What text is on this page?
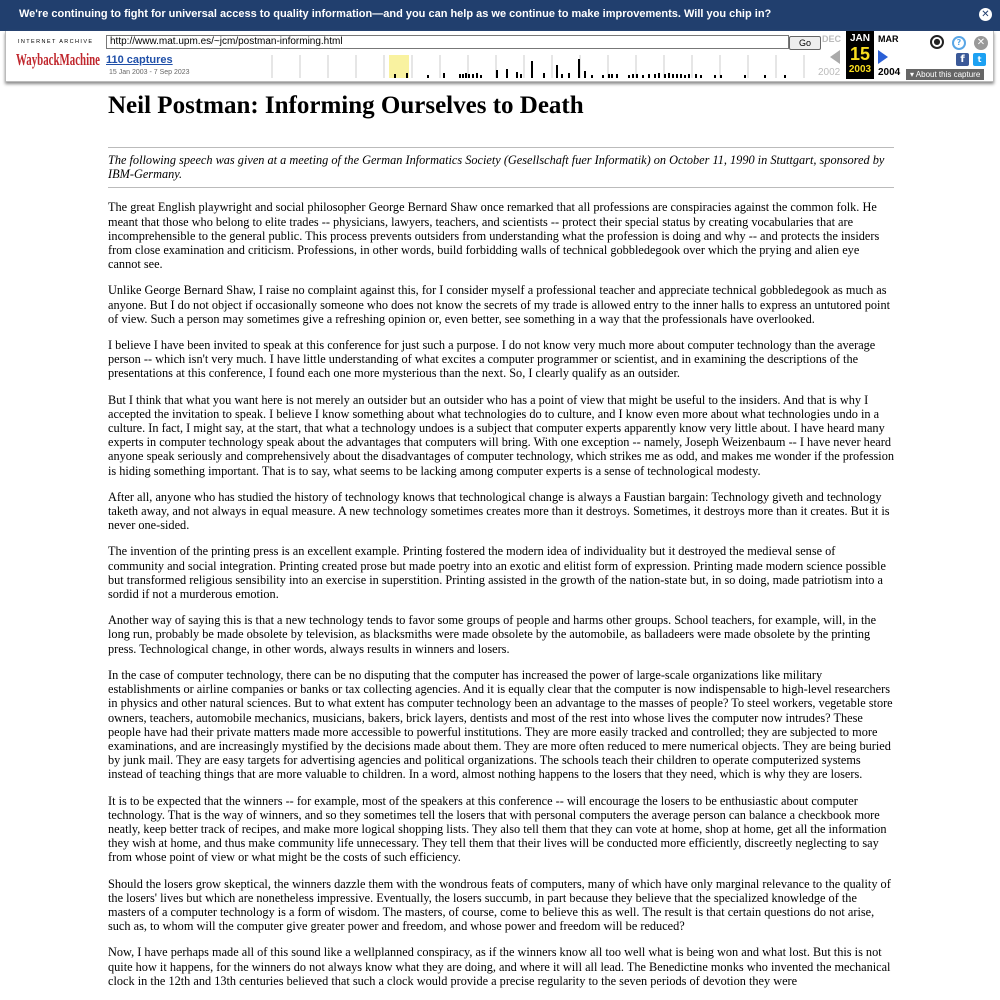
We're continuing to fight for universal access to quality information—and you can help as we continue to make improvements. Will you chip in?	✕
INTERNET ARCHIVE
WaybackMachine
http://www.mat.upm.es/~jcm/postman-informing.html	Go
110 captures
15 Jan 2003 - 7 Sep 2023
DEC JAN
15
2003
MAR
2002	2004
●	?	✕
f	t
▾ About this capture
Neil Postman: Informing Ourselves to Death

The following speech was given at a meeting of the German Informatics Society (Gesellschaft fuer Informatik) on October 11, 1990 in Stuttgart, sponsored by IBM-Germany.

The great English playwright and social philosopher George Bernard Shaw once remarked that all professions are conspiracies against the common folk. He meant that those who belong to elite trades -- physicians, lawyers, teachers, and scientists -- protect their special status by creating vocabularies that are incomprehensible to the general public. This process prevents outsiders from understanding what the profession is doing and why -- and protects the insiders from close examination and criticism. Professions, in other words, build forbidding walls of technical gobbledegook over which the prying and alien eye cannot see.

Unlike George Bernard Shaw, I raise no complaint against this, for I consider myself a professional teacher and appreciate technical gobbledegook as much as anyone. But I do not object if occasionally someone who does not know the secrets of my trade is allowed entry to the inner halls to express an untutored point of view. Such a person may sometimes give a refreshing opinion or, even better, see something in a way that the professionals have overlooked.

I believe I have been invited to speak at this conference for just such a purpose. I do not know very much more about computer technology than the average person -- which isn't very much. I have little understanding of what excites a computer programmer or scientist, and in examining the descriptions of the presentations at this conference, I found each one more mysterious than the next. So, I clearly qualify as an outsider.

But I think that what you want here is not merely an outsider but an outsider who has a point of view that might be useful to the insiders. And that is why I accepted the invitation to speak. I believe I know something about what technologies do to culture, and I know even more about what technologies undo in a culture. In fact, I might say, at the start, that what a technology undoes is a subject that computer experts apparently know very little about. I have heard many experts in computer technology speak about the advantages that computers will bring. With one exception -- namely, Joseph Weizenbaum -- I have never heard anyone speak seriously and comprehensively about the disadvantages of computer technology, which strikes me as odd, and makes me wonder if the profession is hiding something important. That is to say, what seems to be lacking among computer experts is a sense of technological modesty.

After all, anyone who has studied the history of technology knows that technological change is always a Faustian bargain: Technology giveth and technology taketh away, and not always in equal measure. A new technology sometimes creates more than it destroys. Sometimes, it destroys more than it creates. But it is never one-sided.

The invention of the printing press is an excellent example. Printing fostered the modern idea of individuality but it destroyed the medieval sense of community and social integration. Printing created prose but made poetry into an exotic and elitist form of expression. Printing made modern science possible but transformed religious sensibility into an exercise in superstition. Printing assisted in the growth of the nation-state but, in so doing, made patriotism into a sordid if not a murderous emotion.

Another way of saying this is that a new technology tends to favor some groups of people and harms other groups. School teachers, for example, will, in the long run, probably be made obsolete by television, as blacksmiths were made obsolete by the automobile, as balladeers were made obsolete by the printing press. Technological change, in other words, always results in winners and losers.

In the case of computer technology, there can be no disputing that the computer has increased the power of large-scale organizations like military establishments or airline companies or banks or tax collecting agencies. And it is equally clear that the computer is now indispensable to high-level researchers in physics and other natural sciences. But to what extent has computer technology been an advantage to the masses of people? To steel workers, vegetable store owners, teachers, automobile mechanics, musicians, bakers, brick layers, dentists and most of the rest into whose lives the computer now intrudes? These people have had their private matters made more accessible to powerful institutions. They are more easily tracked and controlled; they are subjected to more examinations, and are increasingly mystified by the decisions made about them. They are more often reduced to mere numerical objects. They are being buried by junk mail. They are easy targets for advertising agencies and political organizations. The schools teach their children to operate computerized systems instead of teaching things that are more valuable to children. In a word, almost nothing happens to the losers that they need, which is why they are losers.

It is to be expected that the winners -- for example, most of the speakers at this conference -- will encourage the losers to be enthusiastic about computer technology. That is the way of winners, and so they sometimes tell the losers that with personal computers the average person can balance a checkbook more neatly, keep better track of recipes, and make more logical shopping lists. They also tell them that they can vote at home, shop at home, get all the information they wish at home, and thus make community life unnecessary. They tell them that their lives will be conducted more efficiently, discreetly neglecting to say from whose point of view or what might be the costs of such efficiency.

Should the losers grow skeptical, the winners dazzle them with the wondrous feats of computers, many of which have only marginal relevance to the quality of the losers' lives but which are nonetheless impressive. Eventually, the losers succumb, in part because they believe that the specialized knowledge of the masters of a computer technology is a form of wisdom. The masters, of course, come to believe this as well. The result is that certain questions do not arise, such as, to whom will the computer give greater power and freedom, and whose power and freedom will be reduced?

Now, I have perhaps made all of this sound like a wellplanned conspiracy, as if the winners know all too well what is being won and what lost. But this is not quite how it happens, for the winners do not always know what they are doing, and where it will all lead. The Benedictine monks who invented the mechanical clock in the 12th and 13th centuries believed that such a clock would provide a precise regularity to the seven periods of devotion they were
